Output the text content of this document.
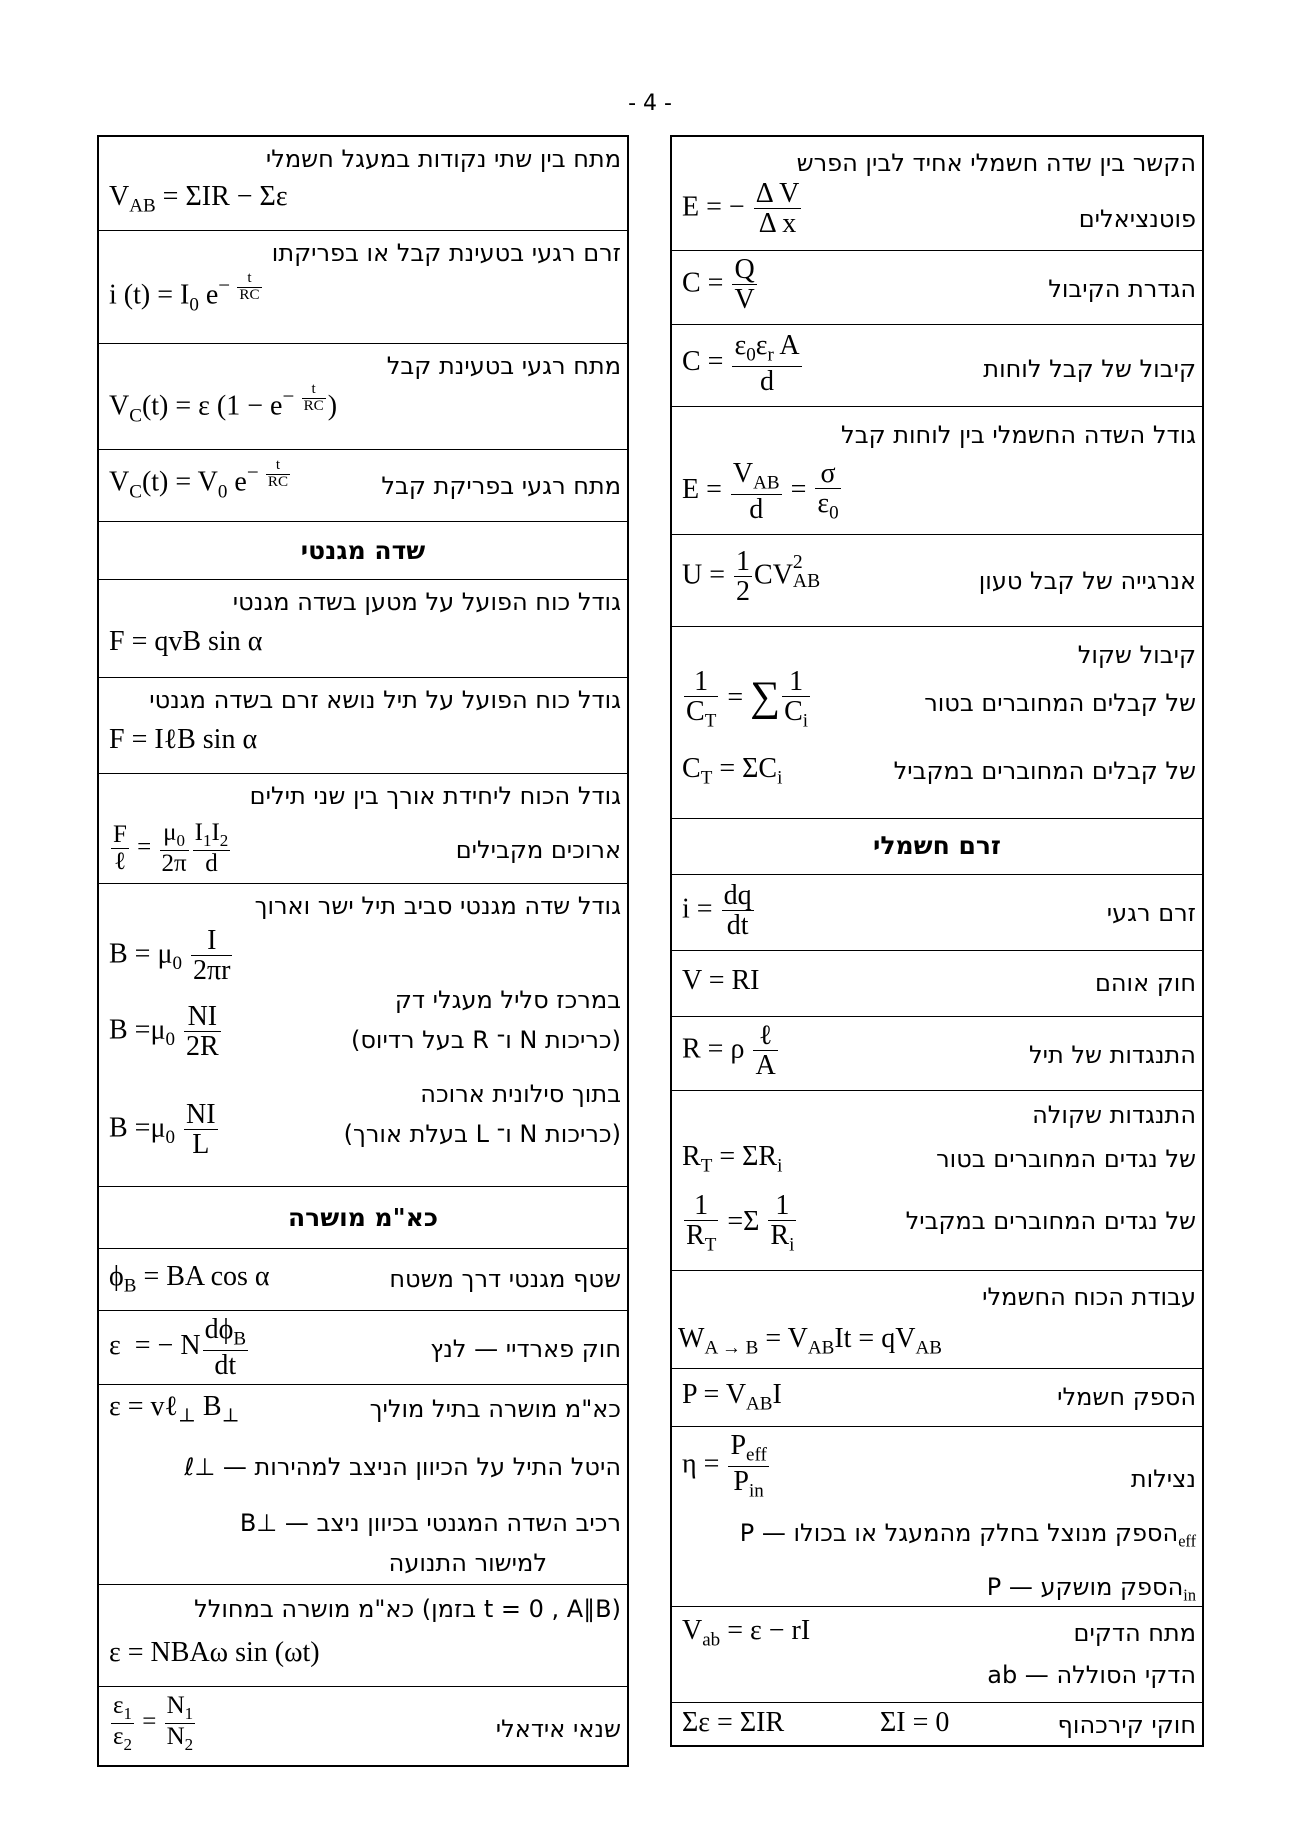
- 4 -
מתח בין שתי נקודות במעגל חשמלי
$V_{AB} = \Sigma IR - \Sigma\varepsilon$
זרם רגעי בטעינת קבל או בפריקתו
i $(t) = I_0$ $e- \frac{t}{RC}$
מתח רגעי בטעינת קבל
$V_C(t) = \varepsilon$ ($1 - e- \frac{t}{RC}$ )
מתח רגעי בפריקת קבל
$V_C(t) = V_0$ $e- \frac{t}{RC}$
שדה מגנטי
גודל כוח הפועל על מטען בשדה מגנטי
F = qvB sin α
גודל כוח הפועל על תיל נושא זרם בשדה מגנטי
F = IℓB sin α
גודל הכוח ליחידת אורך בין שני תילים
ארוכים מקבילים
$\frac{F}{\text{ℓ}} = \frac{\mu_0}{2\pi} \frac{I_1I_2}{d}$
גודל שדה מגנטי סביב תיל ישר וארוך
$B = \mu_0 \frac{I}{2\pi r}$
במרכז סליל מעגלי דק
(בעל רדיוס R ו־ N כריכות)
$B =\mu_0 \frac{NI}{2R}$
בתוך סילונית ארוכה
(בעלת אורך L ו־ N כריכות)
$B =\mu_0 \frac{NI}{L}$
כא"מ מושרה
שטף מגנטי דרך משטח
$\phi_B$ = BA cos α
חוק פארדיי — לנץ
ε  = − N $\frac{d\phi_B}{dt}$
כא"מ מושרה בתיל מוליך
ε = vℓ$_\perp$ $B_\perp$
ℓ⊥ — היטל התיל על הכיוון הניצב למהירות
B⊥ — רכיב השדה המגנטי בכיוון ניצב
למישור התנועה
כא"מ מושרה במחולל (בזמן t = 0 , A∥B)
ε = NBAω sin (ωt)
שנאי אידאלי
$\frac{\varepsilon_1}{\varepsilon_2} = \frac{N_1}{N_2}$
הקשר בין שדה חשמלי אחיד לבין הפרש
פוטנציאלים
E = − $\frac{\text{Δ V}}{\text{Δ x}}$
הגדרת הקיבול
$C = \frac{Q}{V}$
קיבול של קבל לוחות
$C = \frac{\varepsilon_0\varepsilon_r A}{d}$
גודל השדה החשמלי בין לוחות קבל
$E = \frac{V_{AB}}{d} = \frac{\sigma}{\varepsilon_0}$
אנרגייה של קבל טעון
$U = \frac{1}{2}$ CV 2
AB
קיבול שקול
של קבלים המחוברים בטור
$\frac{1}{C_T}$ = ∑ $\frac{1}{C_i}$
של קבלים המחוברים במקביל
$C_T = \Sigma C_i$
זרם חשמלי
זרם רגעי
$i = \frac{dq}{dt}$
חוק אוהם
V = RI
התנגדות של תיל
R = ρ $\frac{\text{ℓ}}{A}$
התנגדות שקולה
של נגדים המחוברים בטור
$R_T = \Sigma R_i$
של נגדים המחוברים במקביל
$\frac{1}{R_T} =\Sigma \frac{1}{R_i}$
עבודת הכוח החשמלי
$W_{A \to B} = V_{AB}It = qV_{AB}$
הספק חשמלי
$P = V_{AB}I$
נצילות
$\eta = \frac{P_{eff}}{P_{in}}$
P — הספק מנוצל בחלק מהמעגל או בכולו$_{eff}$
P — הספק מושקע$_{in}$
מתח הדקים
$V_{ab} = \varepsilon$ − rI
ab — הדקי הסוללה
חוקי קירכהוף
Σε = ΣIR	ΣI = 0
